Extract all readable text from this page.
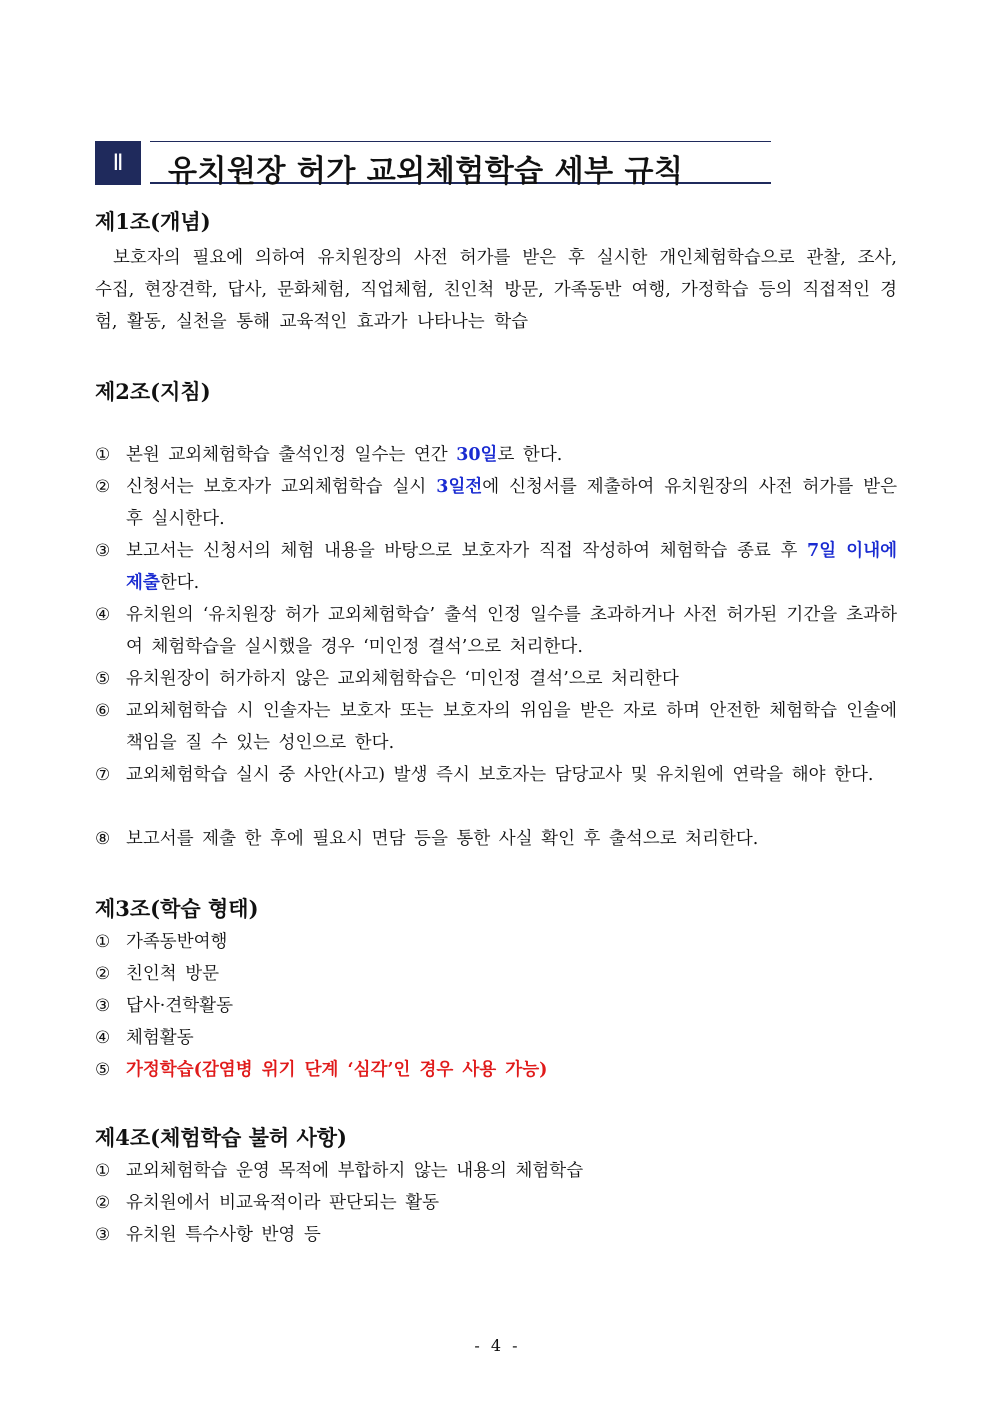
Ⅱ	유치원장 허가 교외체험학습 세부 규칙
제1조(개념)
보호자의 필요에 의하여 유치원장의 사전 허가를 받은 후 실시한 개인체험학습으로 관찰, 조사, 수집, 현장견학, 답사, 문화체험, 직업체험, 친인척 방문, 가족동반 여행, 가정학습 등의 직접적인 경험, 활동, 실천을 통해 교육적인 효과가 나타나는 학습
제2조(지침)
① 본원 교외체험학습 출석인정 일수는 연간 30일로 한다.
② 신청서는 보호자가 교외체험학습 실시 3일전에 신청서를 제출하여 유치원장의 사전 허가를 받은 후 실시한다.
③ 보고서는 신청서의 체험 내용을 바탕으로 보호자가 직접 작성하여 체험학습 종료 후 7일 이내에 제출한다.
④ 유치원의 ‘유치원장 허가 교외체험학습’ 출석 인정 일수를 초과하거나 사전 허가된 기간을 초과하여 체험학습을 실시했을 경우 ‘미인정 결석’으로 처리한다.
⑤ 유치원장이 허가하지 않은 교외체험학습은 ‘미인정 결석’으로 처리한다
⑥ 교외체험학습 시 인솔자는 보호자 또는 보호자의 위임을 받은 자로 하며 안전한 체험학습 인솔에 책임을 질 수 있는 성인으로 한다.
⑦ 교외체험학습 실시 중 사안(사고) 발생 즉시 보호자는 담당교사 및 유치원에 연락을 해야 한다.
⑧ 보고서를 제출 한 후에 필요시 면담 등을 통한 사실 확인 후 출석으로 처리한다.
제3조(학습 형태)
① 가족동반여행
② 친인척 방문
③ 답사·견학활동
④ 체험활동
⑤ 가정학습(감염병 위기 단계 ‘심각’인 경우 사용 가능)
제4조(체험학습 불허 사항)
① 교외체험학습 운영 목적에 부합하지 않는 내용의 체험학습
② 유치원에서 비교육적이라 판단되는 활동
③ 유치원 특수사항 반영 등
- 4 -
